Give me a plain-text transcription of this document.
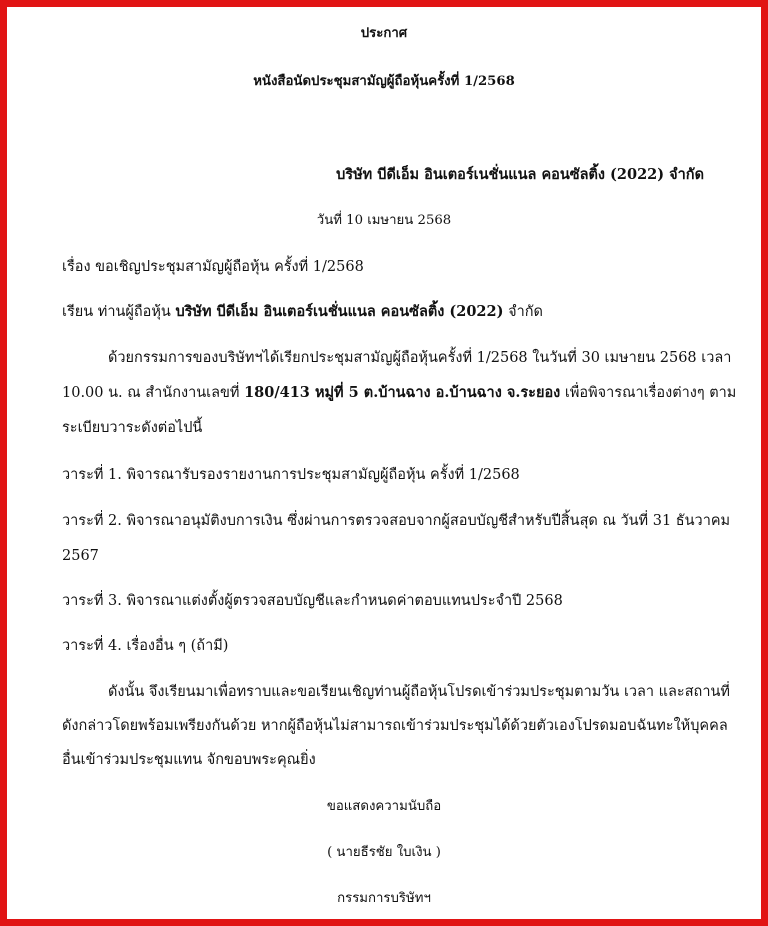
ประกาศ
หนังสือนัดประชุมสามัญผู้ถือหุ้นครั้งที่ 1/2568
บริษัท บีดีเอ็ม อินเตอร์เนชั่นแนล คอนซัลติ้ง (2022) จำกัด
วันที่ 10 เมษายน 2568
เรื่อง ขอเชิญประชุมสามัญผู้ถือหุ้น ครั้งที่ 1/2568
เรียน ท่านผู้ถือหุ้น บริษัท บีดีเอ็ม อินเตอร์เนชั่นแนล คอนซัลติ้ง (2022) จำกัด
ด้วยกรรมการของบริษัทฯได้เรียกประชุมสามัญผู้ถือหุ้นครั้งที่ 1/2568 ในวันที่ 30 เมษายน 2568 เวลา
10.00 น. ณ สำนักงานเลขที่ 180/413 หมู่ที่ 5 ต.บ้านฉาง อ.บ้านฉาง จ.ระยอง เพื่อพิจารณาเรื่องต่างๆ ตาม
ระเบียบวาระดังต่อไปนี้
วาระที่ 1. พิจารณารับรองรายงานการประชุมสามัญผู้ถือหุ้น ครั้งที่ 1/2568
วาระที่ 2. พิจารณาอนุมัติงบการเงิน ซึ่งผ่านการตรวจสอบจากผู้สอบบัญชีสำหรับปีสิ้นสุด ณ วันที่ 31 ธันวาคม
2567
วาระที่ 3. พิจารณาแต่งตั้งผู้ตรวจสอบบัญชีและกำหนดค่าตอบแทนประจำปี 2568
วาระที่ 4. เรื่องอื่น ๆ (ถ้ามี)
ดังนั้น จึงเรียนมาเพื่อทราบและขอเรียนเชิญท่านผู้ถือหุ้นโปรดเข้าร่วมประชุมตามวัน เวลา และสถานที่
ดังกล่าวโดยพร้อมเพรียงกันด้วย หากผู้ถือหุ้นไม่สามารถเข้าร่วมประชุมได้ด้วยตัวเองโปรดมอบฉันทะให้บุคคล
อื่นเข้าร่วมประชุมแทน จักขอบพระคุณยิ่ง
ขอแสดงความนับถือ
( นายธีรชัย ใบเงิน )
กรรมการบริษัทฯ
